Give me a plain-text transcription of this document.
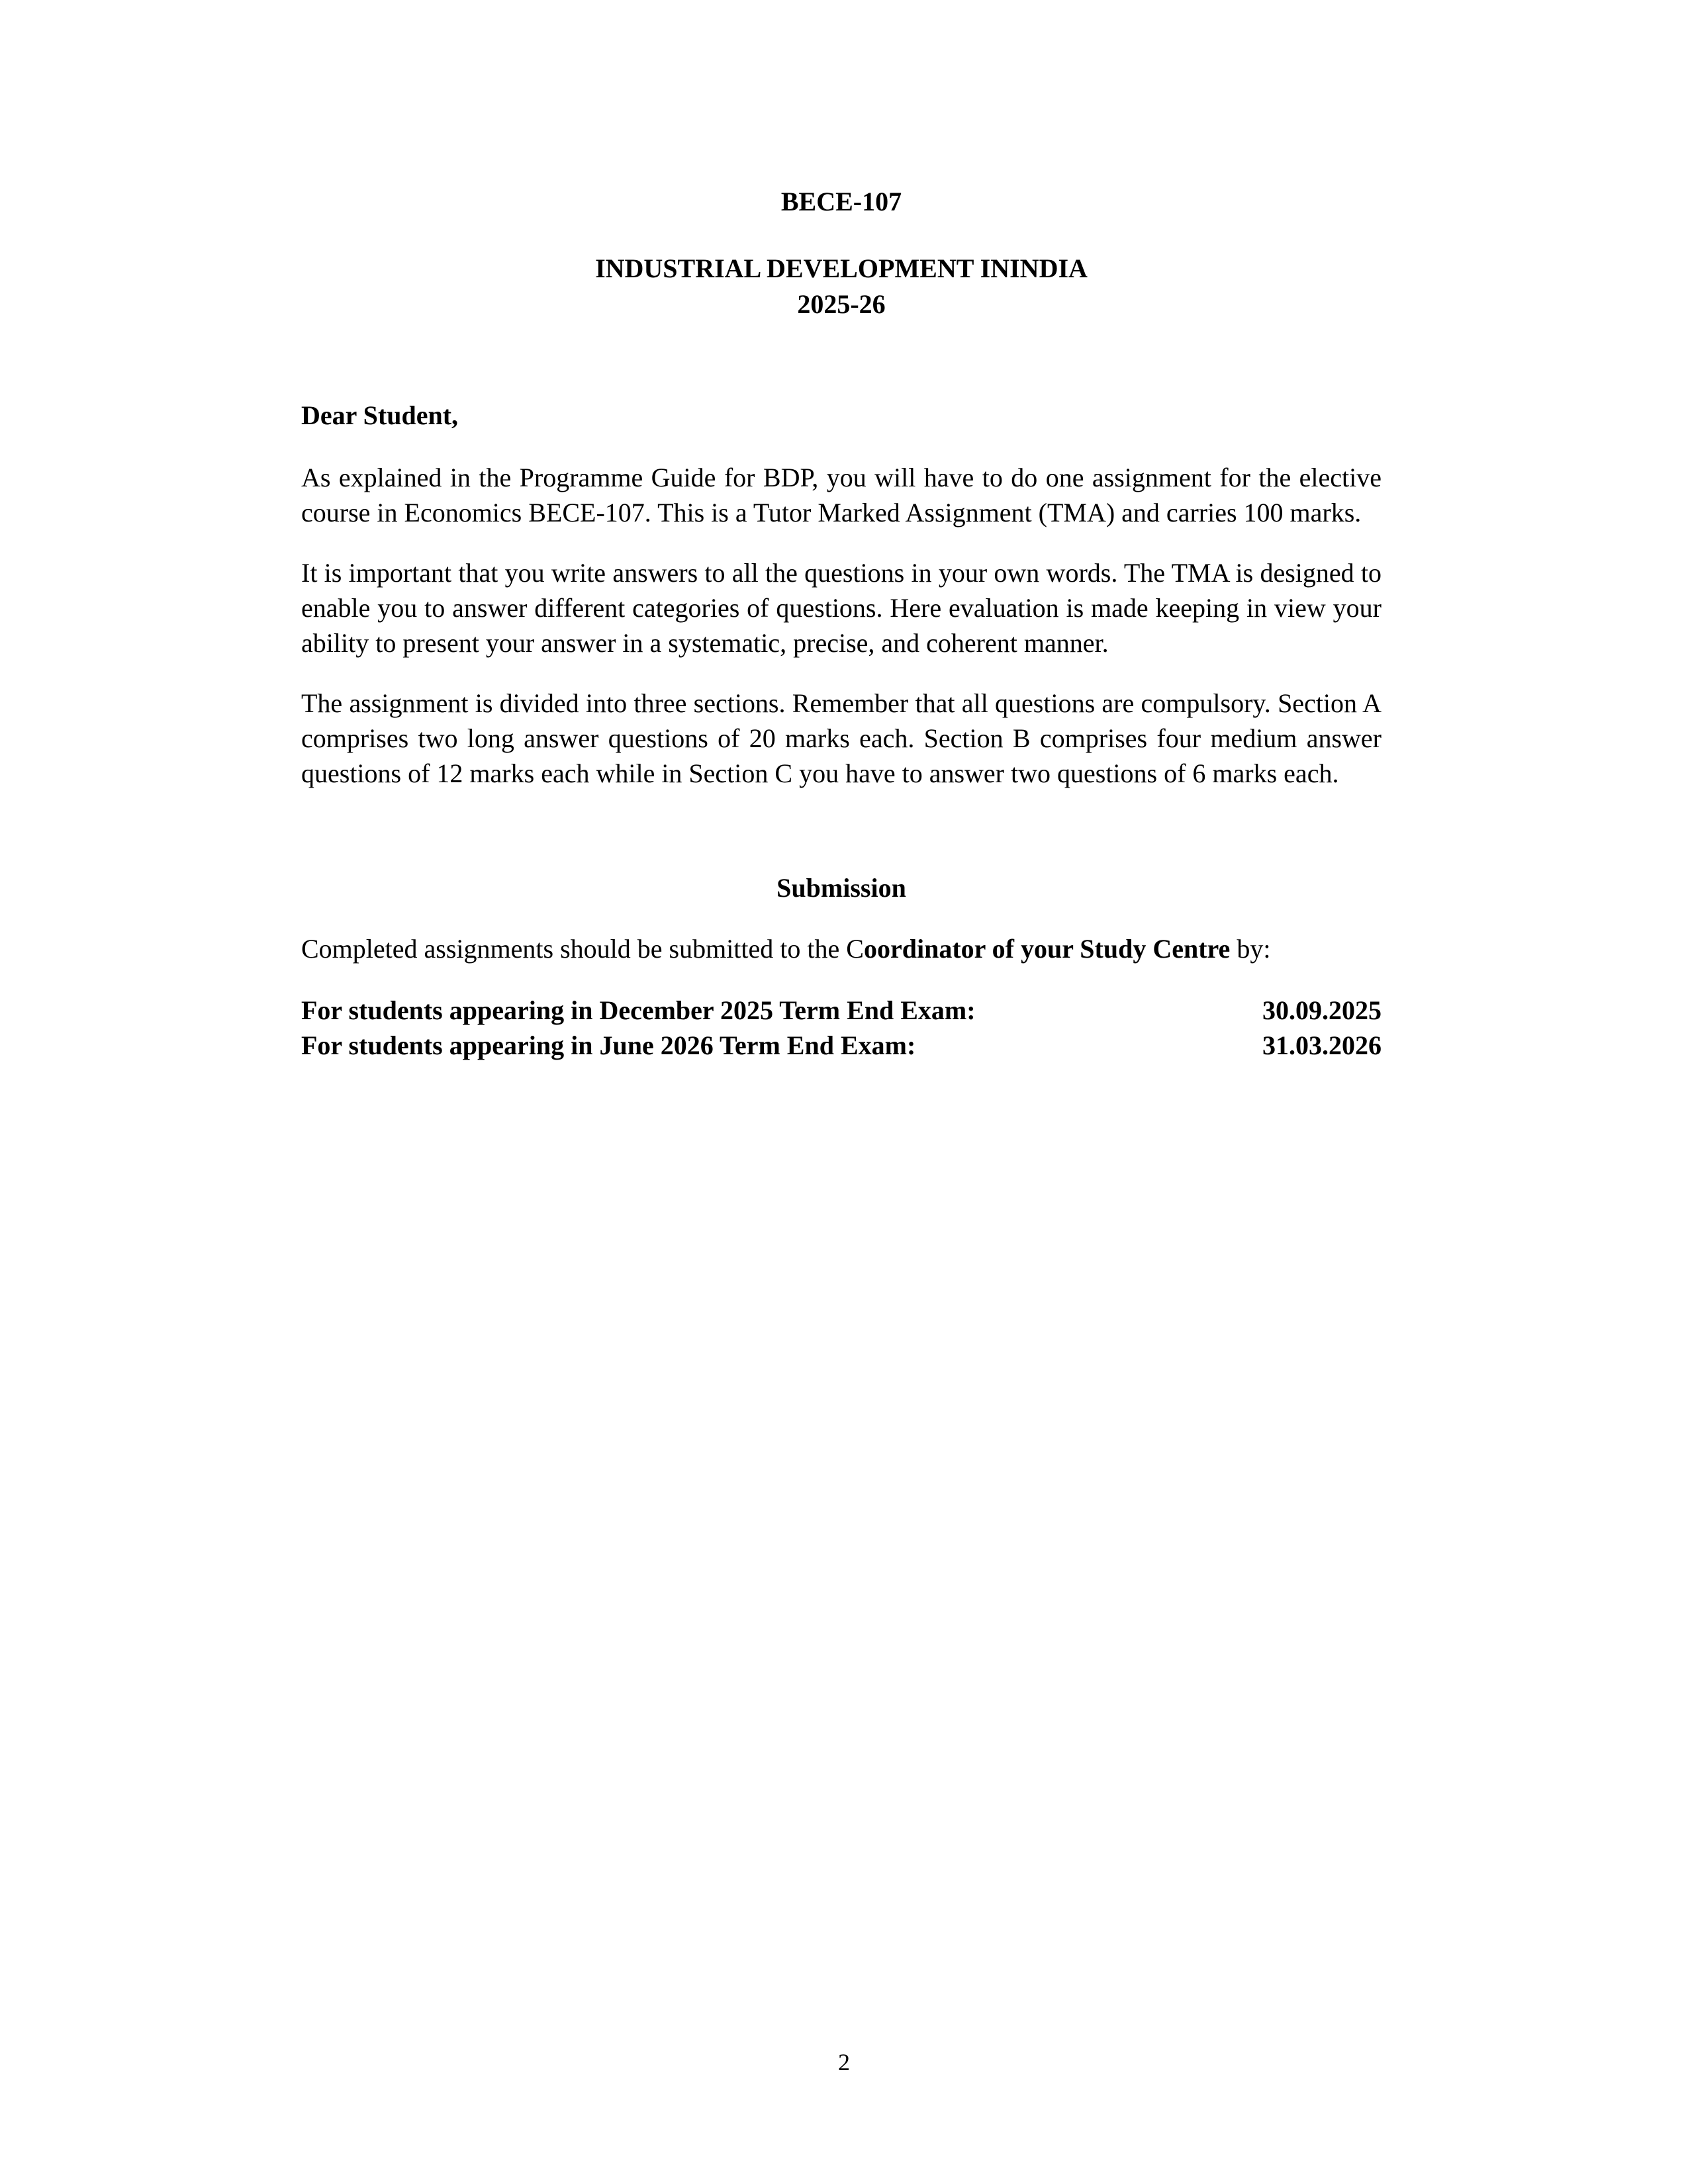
BECE-107
INDUSTRIAL DEVELOPMENT ININDIA
2025-26
Dear Student,

As explained in the Programme Guide for BDP, you will have to do one assignment for the elective course in Economics BECE-107. This is a Tutor Marked Assignment (TMA) and carries 100 marks.

It is important that you write answers to all the questions in your own words. The TMA is designed to enable you to answer different categories of questions. Here evaluation is made keeping in view your ability to present your answer in a systematic, precise, and coherent manner.

The assignment is divided into three sections. Remember that all questions are compulsory. Section A comprises two long answer questions of 20 marks each. Section B comprises four medium answer questions of 12 marks each while in Section C you have to answer two questions of 6 marks each.

Submission

Completed assignments should be submitted to the Coordinator of your Study Centre by:

For students appearing in December 2025 Term End Exam:	30.09.2025
For students appearing in June 2026 Term End Exam:	31.03.2026
2
